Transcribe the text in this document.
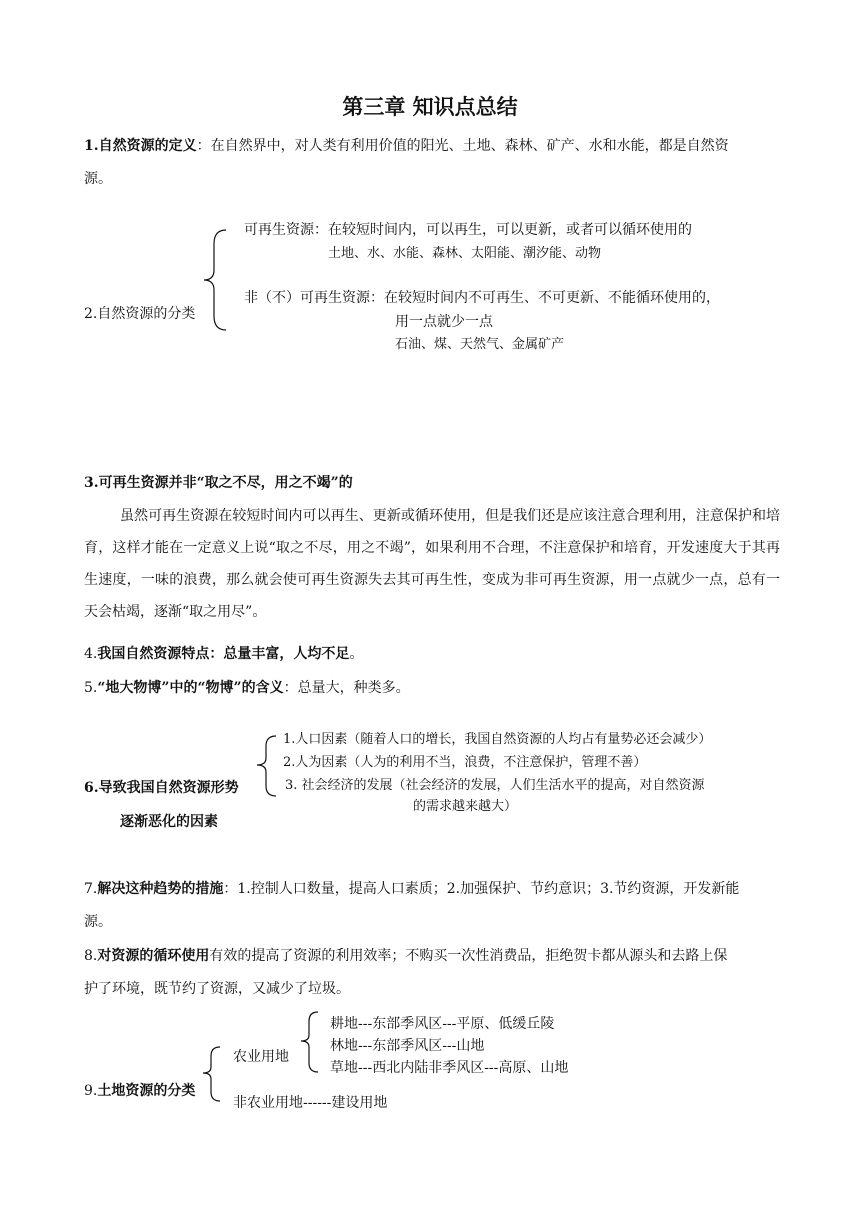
第三章 知识点总结
1.自然资源的定义：在自然界中，对人类有利用价值的阳光、土地、森林、矿产、水和水能，都是自然资
源。
2.自然资源的分类
可再生资源：在较短时间内，可以再生，可以更新，或者可以循环使用的
土地、水、水能、森林、太阳能、潮汐能、动物
非（不）可再生资源：在较短时间内不可再生、不可更新、不能循环使用的，
用一点就少一点
石油、煤、天然气、金属矿产
3.可再生资源并非“取之不尽，用之不竭”的
虽然可再生资源在较短时间内可以再生、更新或循环使用，但是我们还是应该注意合理利用，注意保护和培育，这样才能在一定意义上说“取之不尽，用之不竭”，如果利用不合理，不注意保护和培育，开发速度大于其再生速度，一味的浪费，那么就会使可再生资源失去其可再生性，变成为非可再生资源，用一点就少一点，总有一天会枯竭，逐渐“取之用尽”。
4.我国自然资源特点：总量丰富，人均不足。
5.“地大物博”中的“物博”的含义：总量大，种类多。
6.导致我国自然资源形势
逐渐恶化的因素
1.人口因素（随着人口的增长，我国自然资源的人均占有量势必还会减少）
2.人为因素（人为的利用不当，浪费，不注意保护，管理不善）
3. 社会经济的发展（社会经济的发展，人们生活水平的提高，对自然资源
的需求越来越大）
7.解决这种趋势的措施：1.控制人口数量，提高人口素质；2.加强保护、节约意识；3.节约资源，开发新能
源。
8.对资源的循环使用有效的提高了资源的利用效率；不购买一次性消费品，拒绝贺卡都从源头和去路上保
护了环境，既节约了资源，又减少了垃圾。
9.土地资源的分类
农业用地
耕地---东部季风区---平原、低缓丘陵
林地---东部季风区---山地
草地---西北内陆非季风区---高原、山地
非农业用地------建设用地
